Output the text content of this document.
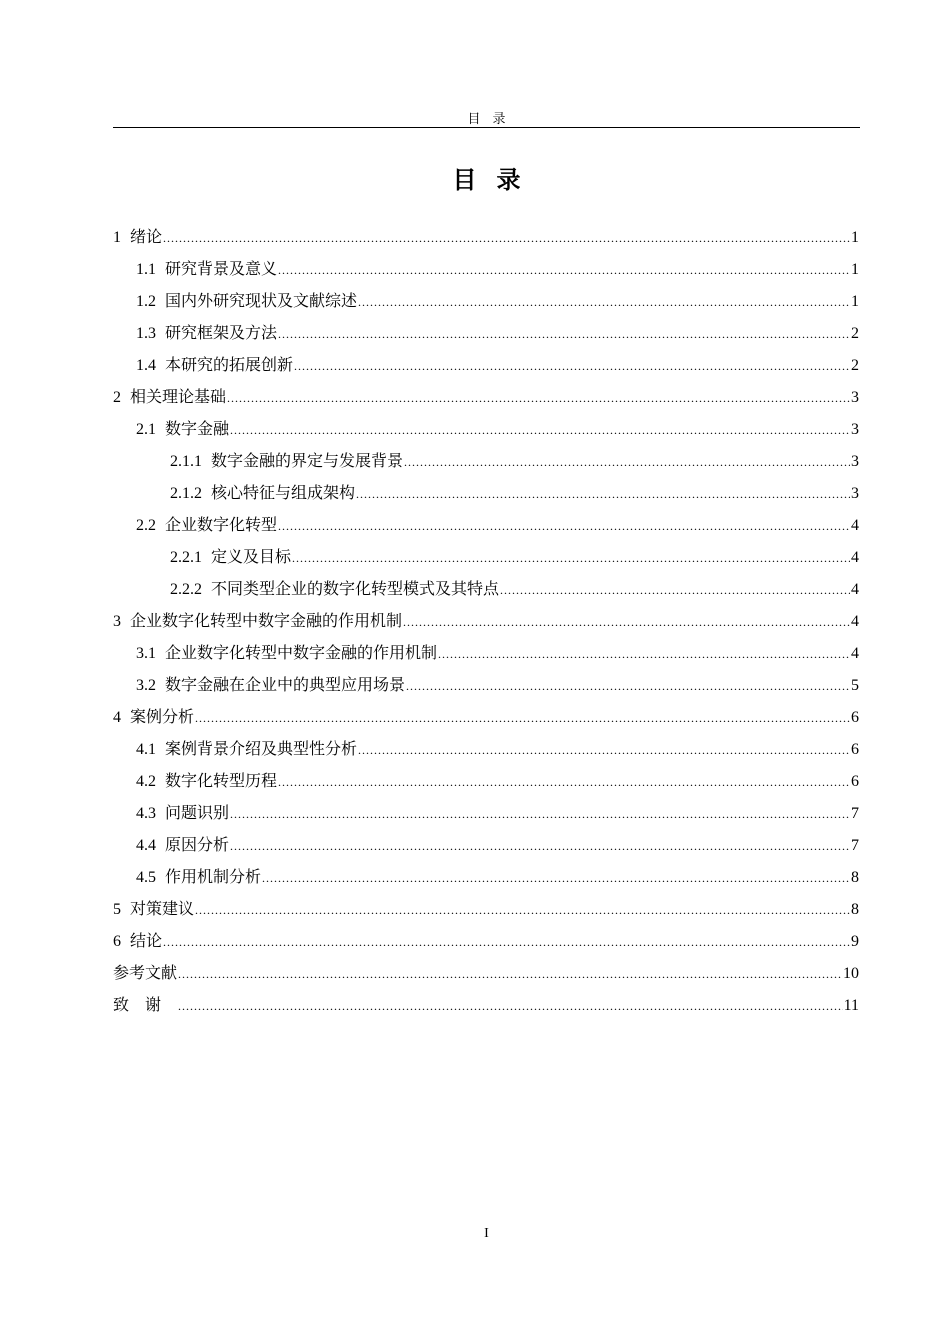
目录
目录
1 绪论 .....	1
1.1 研究背景及意义 .....	1
1.2 国内外研究现状及文献综述 .....	1
1.3 研究框架及方法 .....	2
1.4 本研究的拓展创新 .....	2
2 相关理论基础 .....	3
2.1 数字金融 .....	3
2.1.1 数字金融的界定与发展背景 .....	3
2.1.2 核心特征与组成架构 .....	3
2.2 企业数字化转型 .....	4
2.2.1 定义及目标 .....	4
2.2.2 不同类型企业的数字化转型模式及其特点 .....	4
3 企业数字化转型中数字金融的作用机制 .....	4
3.1 企业数字化转型中数字金融的作用机制 .....	4
3.2 数字金融在企业中的典型应用场景 .....	5
4 案例分析 .....	6
4.1 案例背景介绍及典型性分析 .....	6
4.2 数字化转型历程 .....	6
4.3 问题识别 .....	7
4.4 原因分析 .....	7
4.5 作用机制分析 .....	8
5 对策建议 .....	8
6 结论 .....	9
参考文献 .....	10
致谢 .....	11
I
